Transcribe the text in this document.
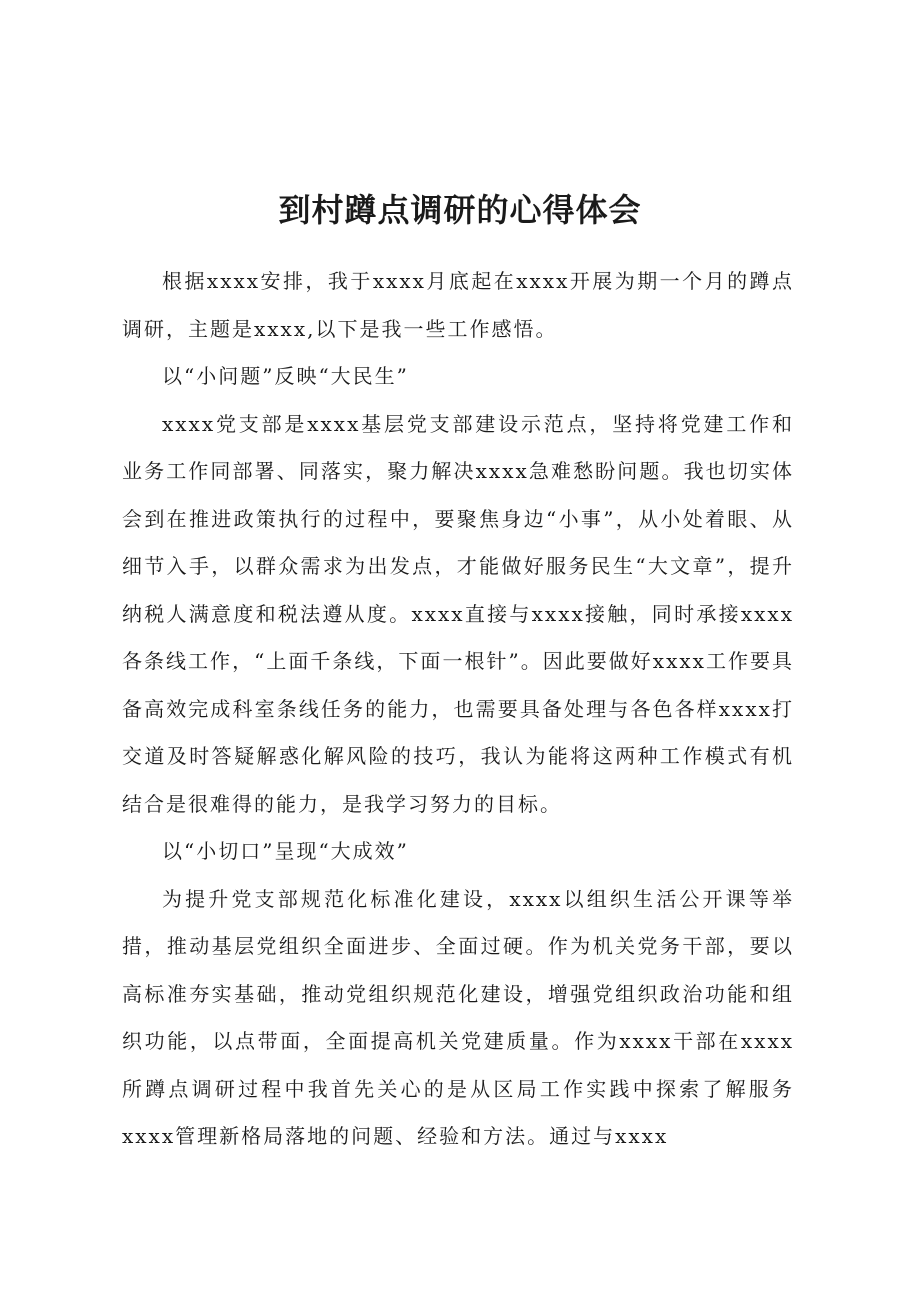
到村蹲点调研的心得体会

根据xxxx安排，我于xxxx月底起在xxxx开展为期一个月的蹲点调研，主题是xxxx,以下是我一些工作感悟。

以“小问题”反映“大民生”

xxxx党支部是xxxx基层党支部建设示范点，坚持将党建工作和业务工作同部署、同落实，聚力解决xxxx急难愁盼问题。我也切实体会到在推进政策执行的过程中，要聚焦身边“小事”，从小处着眼、从细节入手，以群众需求为出发点，才能做好服务民生“大文章”，提升纳税人满意度和税法遵从度。xxxx直接与xxxx接触，同时承接xxxx各条线工作，“上面千条线，下面一根针”。因此要做好xxxx工作要具备高效完成科室条线任务的能力，也需要具备处理与各色各样xxxx打交道及时答疑解惑化解风险的技巧，我认为能将这两种工作模式有机结合是很难得的能力，是我学习努力的目标。

以“小切口”呈现“大成效”

为提升党支部规范化标准化建设，xxxx以组织生活公开课等举措，推动基层党组织全面进步、全面过硬。作为机关党务干部，要以高标准夯实基础，推动党组织规范化建设，增强党组织政治功能和组织功能，以点带面，全面提高机关党建质量。作为xxxx干部在xxxx所蹲点调研过程中我首先关心的是从区局工作实践中探索了解服务xxxx管理新格局落地的问题、经验和方法。通过与xxxx
